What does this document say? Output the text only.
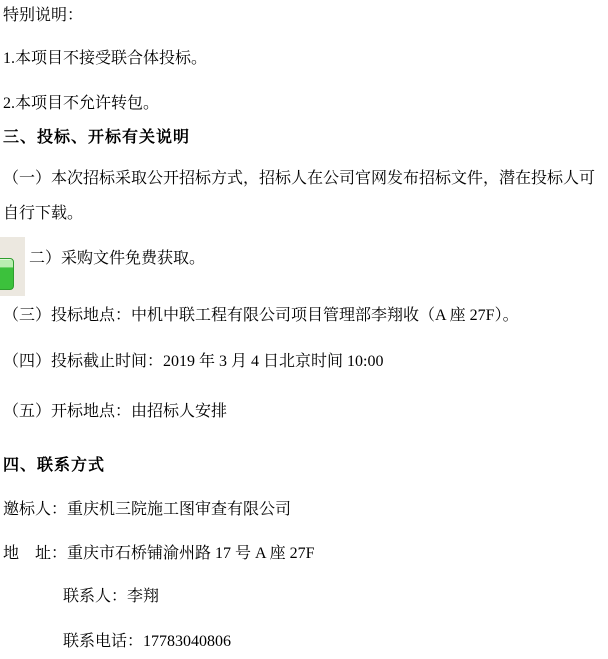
特别说明：
1.本项目不接受联合体投标。
2.本项目不允许转包。
三、投标、开标有关说明
（一）本次招标采取公开招标方式，招标人在公司官网发布招标文件，潜在投标人可自行下载。
二）采购文件免费获取。
（三）投标地点：中机中联工程有限公司项目管理部李翔收（A 座 27F）。
（四）投标截止时间：2019 年 3 月 4 日北京时间 10:00
（五）开标地点：由招标人安排
四、联系方式
邀标人：重庆机三院施工图审查有限公司
地　址：重庆市石桥铺渝州路 17 号 A 座 27F
联系人：李翔
联系电话：17783040806
